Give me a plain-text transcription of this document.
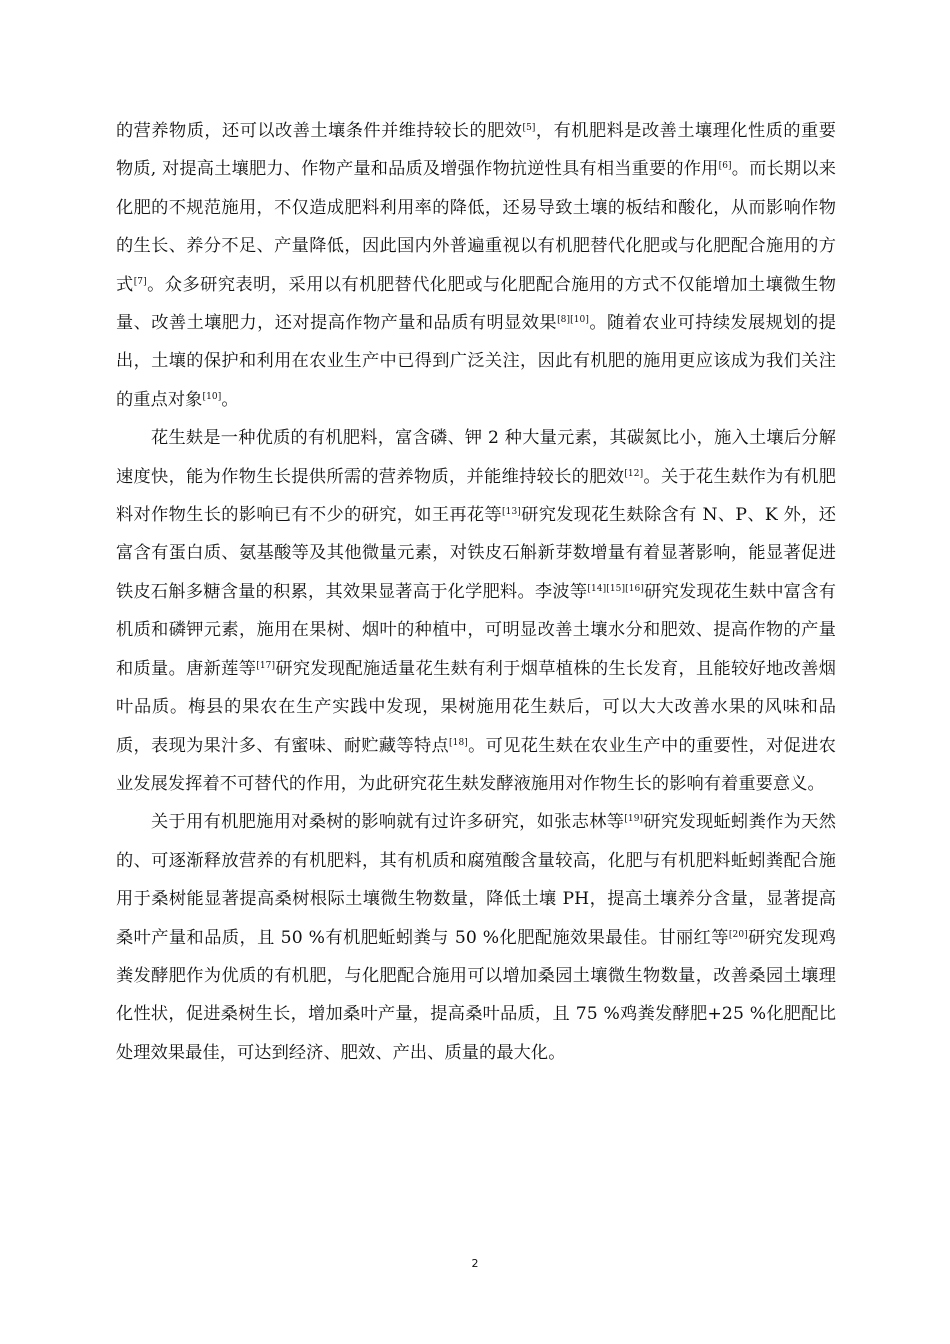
的营养物质，还可以改善土壤条件并维持较长的肥效[5]，有机肥料是改善土壤理化性质的重要物质, 对提高土壤肥力、作物产量和品质及增强作物抗逆性具有相当重要的作用[6]。而长期以来化肥的不规范施用，不仅造成肥料利用率的降低，还易导致土壤的板结和酸化，从而影响作物的生长、养分不足、产量降低，因此国内外普遍重视以有机肥替代化肥或与化肥配合施用的方式[7]。众多研究表明，采用以有机肥替代化肥或与化肥配合施用的方式不仅能增加土壤微生物量、改善土壤肥力，还对提高作物产量和品质有明显效果[8][10]。随着农业可持续发展规划的提出，土壤的保护和利用在农业生产中已得到广泛关注，因此有机肥的施用更应该成为我们关注的重点对象[10]。

花生麸是一种优质的有机肥料，富含磷、钾 2 种大量元素，其碳氮比小，施入土壤后分解速度快，能为作物生长提供所需的营养物质，并能维持较长的肥效[12]。关于花生麸作为有机肥料对作物生长的影响已有不少的研究，如王再花等[13]研究发现花生麸除含有 N、P、K 外，还富含有蛋白质、氨基酸等及其他微量元素，对铁皮石斛新芽数增量有着显著影响，能显著促进铁皮石斛多糖含量的积累，其效果显著高于化学肥料。李波等[14][15][16]研究发现花生麸中富含有机质和磷钾元素，施用在果树、烟叶的种植中，可明显改善土壤水分和肥效、提高作物的产量和质量。唐新莲等[17]研究发现配施适量花生麸有利于烟草植株的生长发育，且能较好地改善烟叶品质。梅县的果农在生产实践中发现，果树施用花生麸后，可以大大改善水果的风味和品质，表现为果汁多、有蜜味、耐贮藏等特点[18]。可见花生麸在农业生产中的重要性，对促进农业发展发挥着不可替代的作用，为此研究花生麸发酵液施用对作物生长的影响有着重要意义。

关于用有机肥施用对桑树的影响就有过许多研究，如张志林等[19]研究发现蚯蚓粪作为天然的、可逐渐释放营养的有机肥料，其有机质和腐殖酸含量较高，化肥与有机肥料蚯蚓粪配合施用于桑树能显著提高桑树根际土壤微生物数量，降低土壤 PH，提高土壤养分含量，显著提高桑叶产量和品质，且 50 %有机肥蚯蚓粪与 50 %化肥配施效果最佳。甘丽红等[20]研究发现鸡粪发酵肥作为优质的有机肥，与化肥配合施用可以增加桑园土壤微生物数量，改善桑园土壤理化性状，促进桑树生长，增加桑叶产量，提高桑叶品质，且 75 %鸡粪发酵肥+25 %化肥配比处理效果最佳，可达到经济、肥效、产出、质量的最大化。

2
